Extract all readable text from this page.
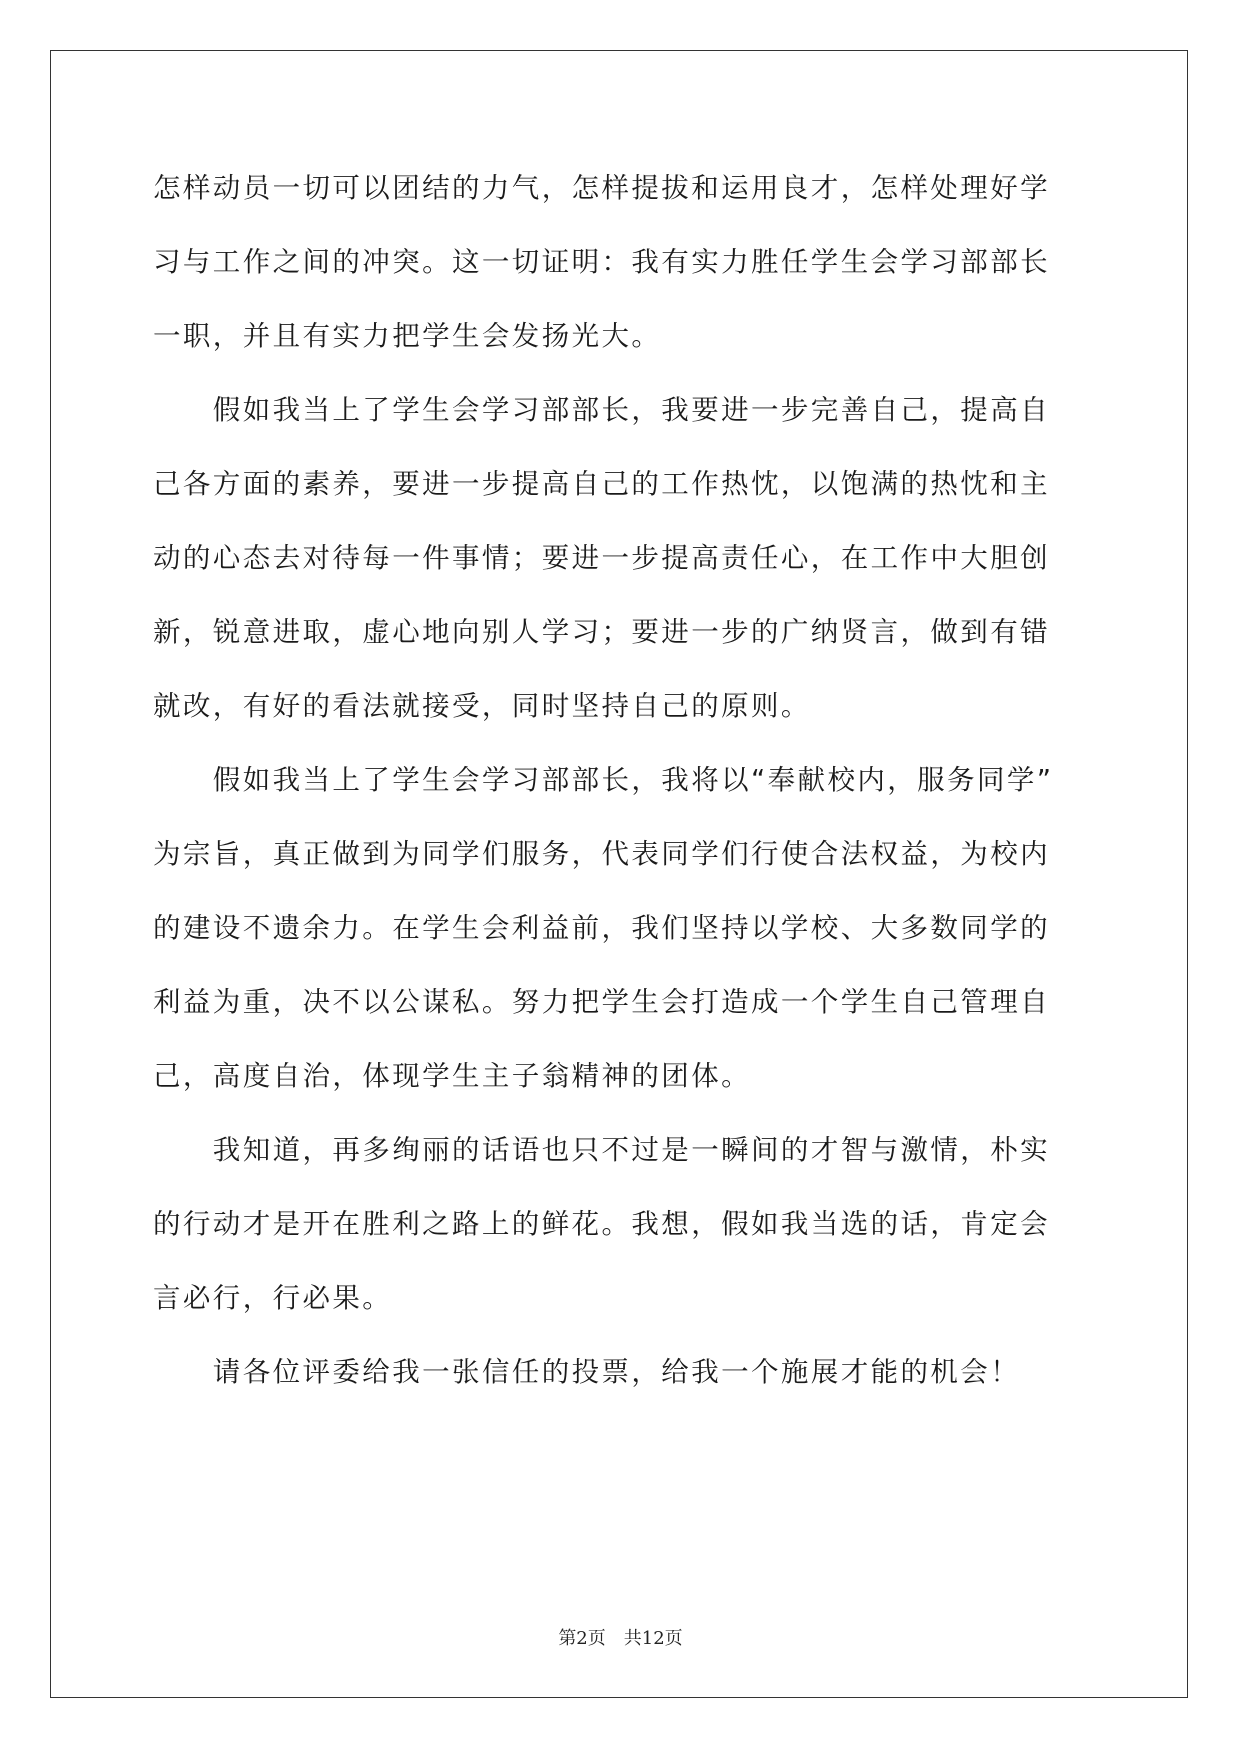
怎样动员一切可以团结的力气，怎样提拔和运用良才，怎样处理好学
习与工作之间的冲突。这一切证明：我有实力胜任学生会学习部部长
一职，并且有实力把学生会发扬光大。
　　假如我当上了学生会学习部部长，我要进一步完善自己，提高自
己各方面的素养，要进一步提高自己的工作热忱，以饱满的热忱和主
动的心态去对待每一件事情；要进一步提高责任心，在工作中大胆创
新，锐意进取，虚心地向别人学习；要进一步的广纳贤言，做到有错
就改，有好的看法就接受，同时坚持自己的原则。
　　假如我当上了学生会学习部部长，我将以“奉献校内，服务同学”
为宗旨，真正做到为同学们服务，代表同学们行使合法权益，为校内
的建设不遗余力。在学生会利益前，我们坚持以学校、大多数同学的
利益为重，决不以公谋私。努力把学生会打造成一个学生自己管理自
己，高度自治，体现学生主子翁精神的团体。
　　我知道，再多绚丽的话语也只不过是一瞬间的才智与激情，朴实
的行动才是开在胜利之路上的鲜花。我想，假如我当选的话，肯定会
言必行，行必果。
　　请各位评委给我一张信任的投票，给我一个施展才能的机会！
第2页　共12页
